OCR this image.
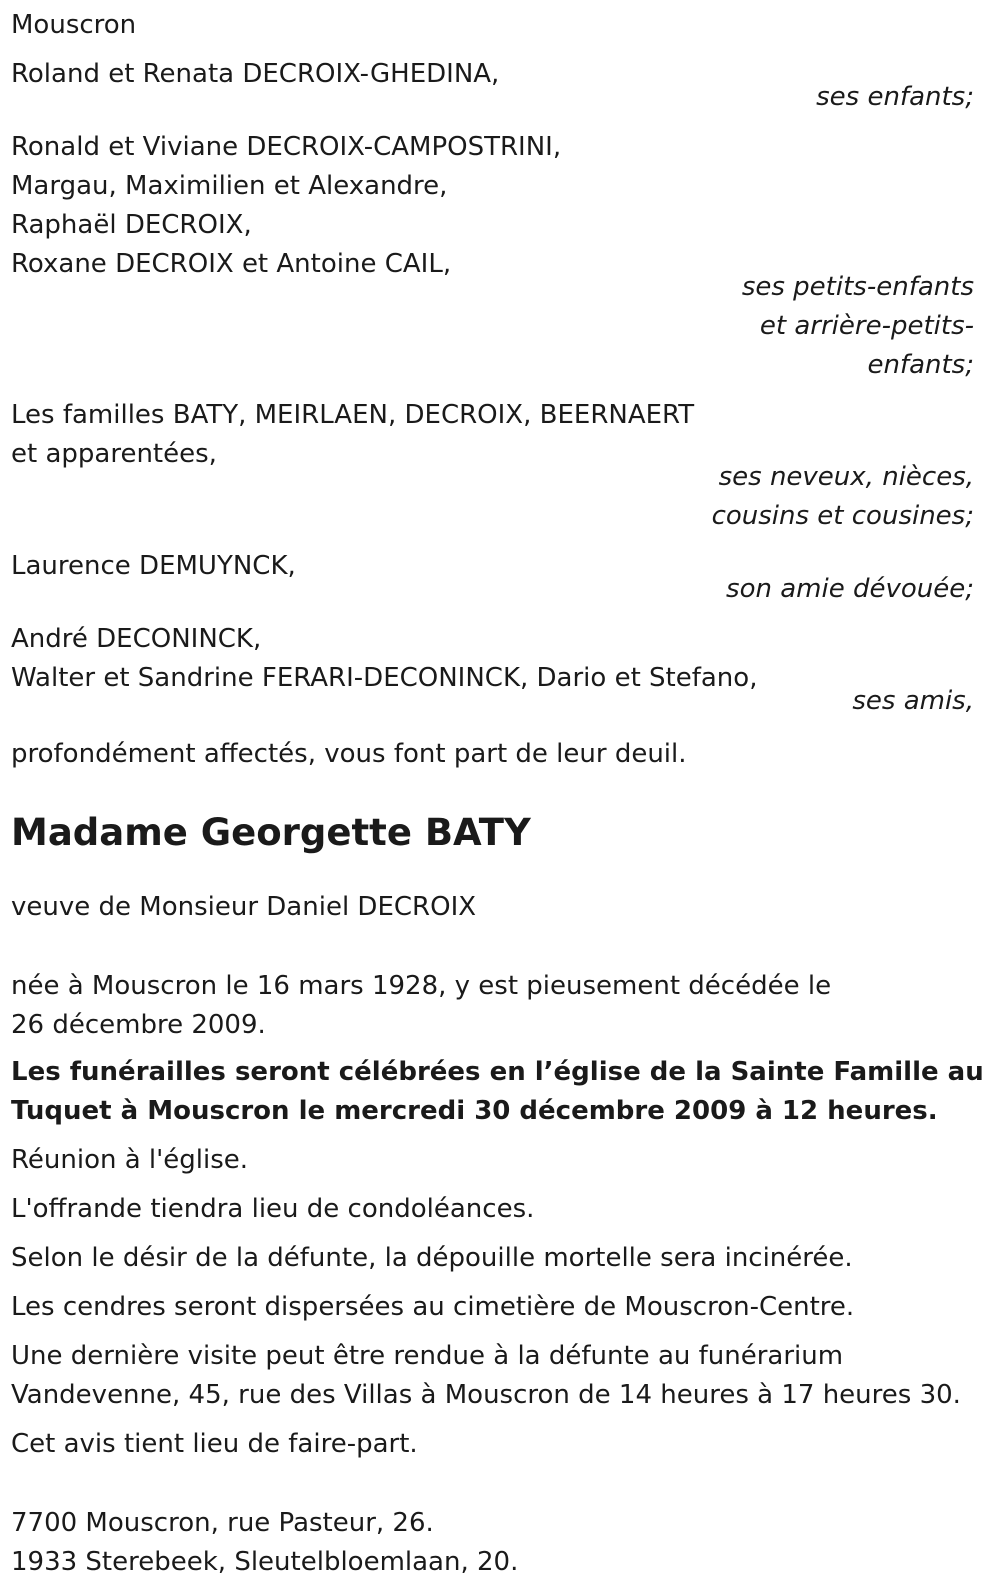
Mouscron
Roland et Renata DECROIX-GHEDINA,
ses enfants;
Ronald et Viviane DECROIX-CAMPOSTRINI,
Margau, Maximilien et Alexandre,
Raphaël DECROIX,
Roxane DECROIX et Antoine CAIL,
ses petits-enfants
et arrière-petits-
enfants;
Les familles BATY, MEIRLAEN, DECROIX, BEERNAERT
et apparentées,
ses neveux, nièces,
cousins et cousines;
Laurence DEMUYNCK,
son amie dévouée;
André DECONINCK,
Walter et Sandrine FERARI-DECONINCK, Dario et Stefano,
ses amis,
profondément affectés, vous font part de leur deuil.
Madame Georgette BATY
veuve de Monsieur Daniel DECROIX
née à Mouscron le 16 mars 1928, y est pieusement décédée le 26 décembre 2009.
Les funérailles seront célébrées en l’église de la Sainte Famille au
Tuquet à Mouscron le mercredi 30 décembre 2009 à 12 heures.
Réunion à l'église.
L'offrande tiendra lieu de condoléances.
Selon le désir de la défunte, la dépouille mortelle sera incinérée.
Les cendres seront dispersées au cimetière de Mouscron-Centre.
Une dernière visite peut être rendue à la défunte au funérarium
Vandevenne, 45, rue des Villas à Mouscron de 14 heures à 17 heures 30.
Cet avis tient lieu de faire-part.
7700 Mouscron, rue Pasteur, 26.
1933 Sterebeek, Sleutelbloemlaan, 20.
